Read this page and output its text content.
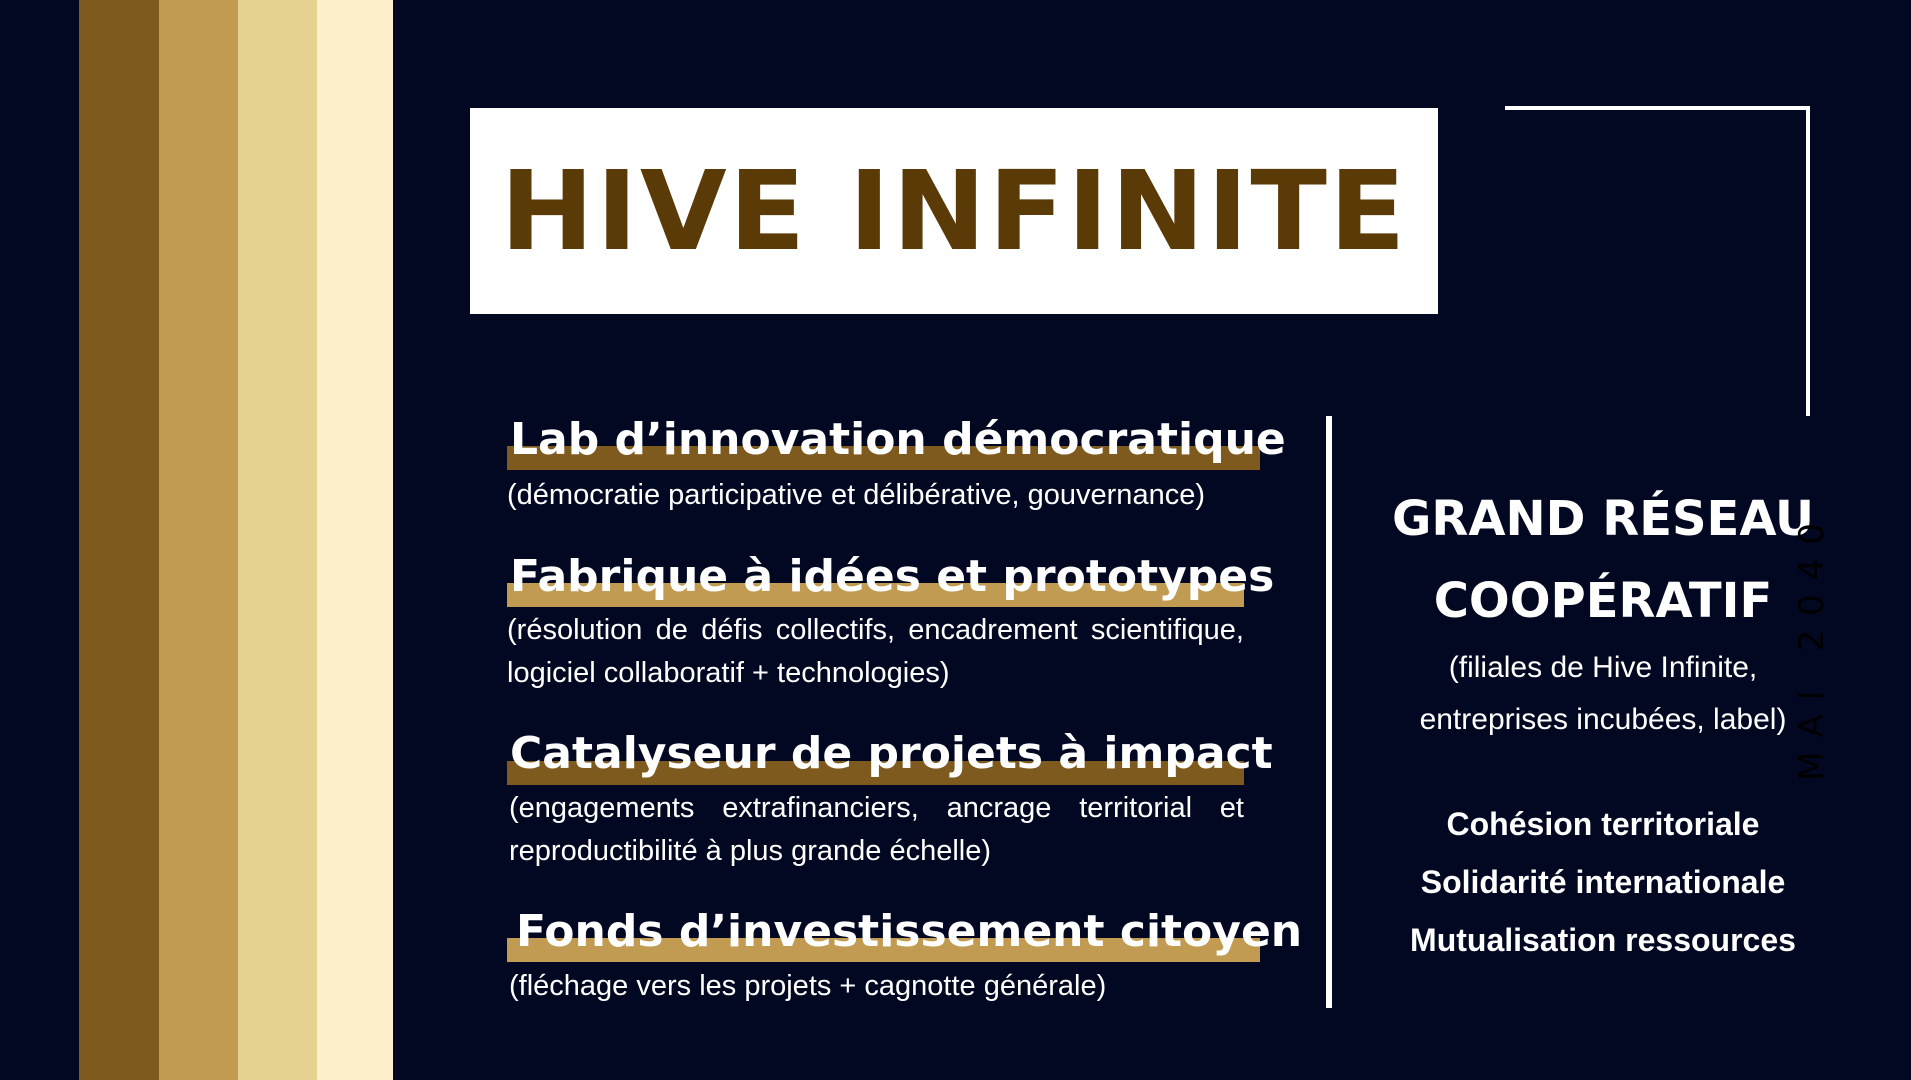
HIVE INFINITE
Lab d’innovation démocratique
(démocratie participative et délibérative, gouvernance)
Fabrique à idées et prototypes
(résolution de défis collectifs, encadrement scientifique, logiciel collaboratif + technologies)
Catalyseur de projets à impact
(engagements extrafinanciers, ancrage territorial et reproductibilité à plus grande échelle)
Fonds d’investissement citoyen
(fléchage vers les projets + cagnotte générale)
GRAND RÉSEAU COOPÉRATIF
(filiales de Hive Infinite, entreprises incubées, label)
Cohésion territoriale
Solidarité internationale
Mutualisation ressources
MAI 2040
